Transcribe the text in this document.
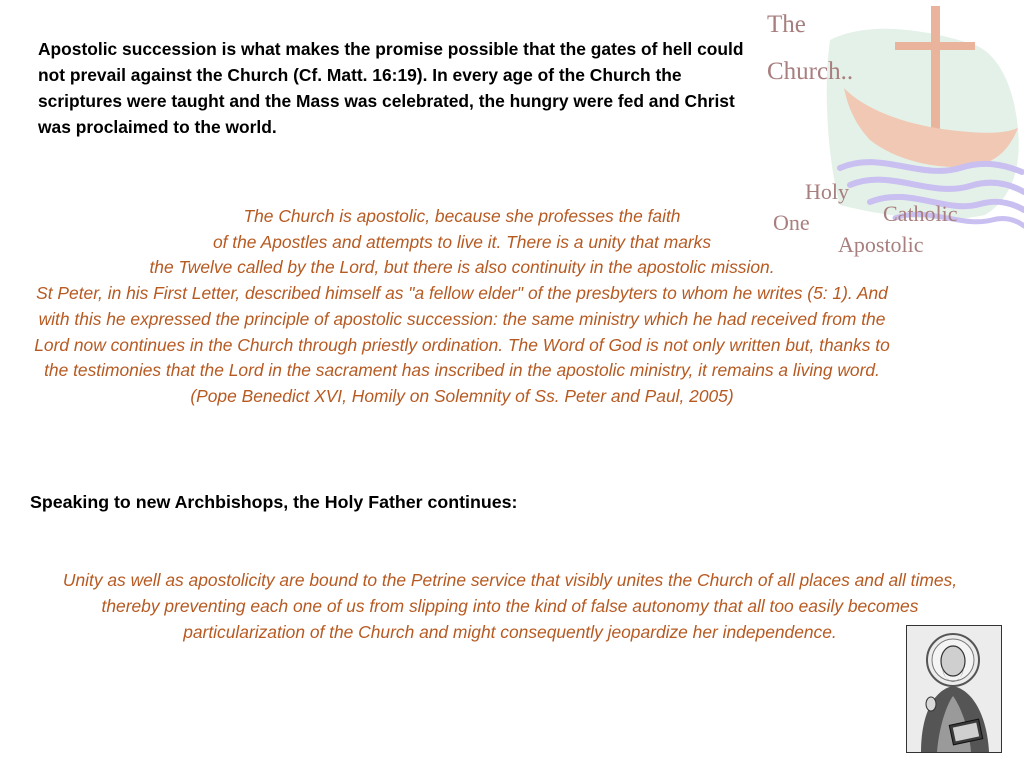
Apostolic succession is what makes the promise possible that the gates of hell could not prevail against the Church (Cf. Matt. 16:19). In every age of the Church the scriptures were taught and the Mass was celebrated, the hungry were fed and Christ was proclaimed to the world.

The Church is apostolic, because she professes the faith
of the Apostles and attempts to live it. There is a unity that marks
the Twelve called by the Lord, but there is also continuity in the apostolic mission.
St Peter, in his First Letter, described himself as "a fellow elder" of the presbyters to whom he writes (5: 1). And with this he expressed the principle of apostolic succession: the same ministry which he had received from the Lord now continues in the Church through priestly ordination. The Word of God is not only written but, thanks to the testimonies that the Lord in the sacrament has inscribed in the apostolic ministry, it remains a living word. (Pope Benedict XVI, Homily on Solemnity of Ss. Peter and Paul, 2005)

Speaking to new Archbishops, the Holy Father continues:

Unity as well as apostolicity are bound to the Petrine service that visibly unites the Church of all places and all times, thereby preventing each one of us from slipping into the kind of false autonomy that all too easily becomes particularization of the Church and might consequently jeopardize her independence.

The
Church..
Holy
One	Catholic
Apostolic
